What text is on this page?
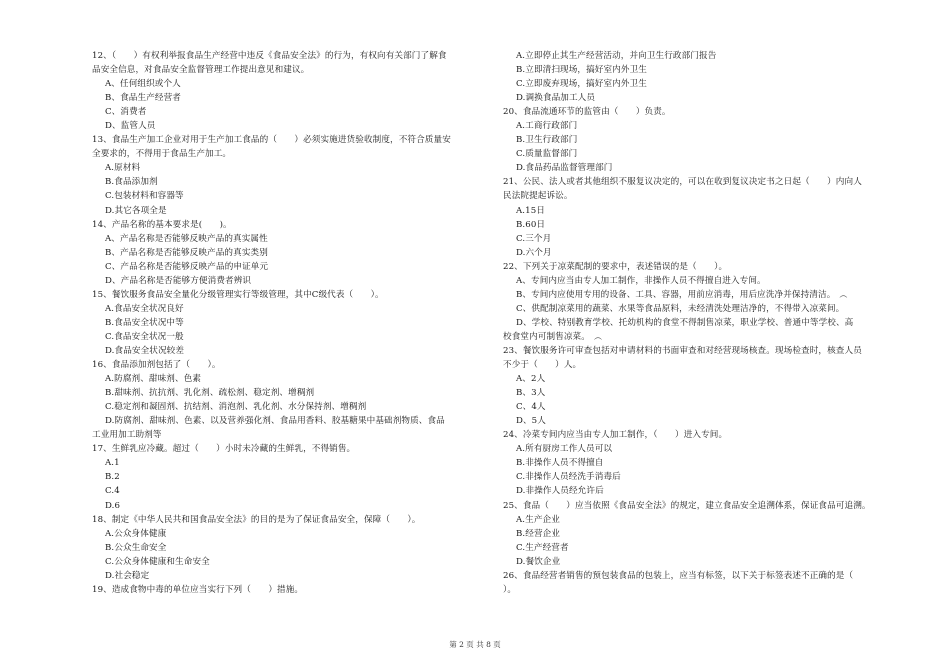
12、（　　）有权利举报食品生产经营中违反《食品安全法》的行为，有权向有关部门了解食
品安全信息，对食品安全监督管理工作提出意见和建议。
A、任何组织或个人
B、食品生产经营者
C、消费者
D、监管人员
13、食品生产加工企业对用于生产加工食品的（　　）必须实施进货验收制度，不符合质量安
全要求的，不得用于食品生产加工。
A.原材料
B.食品添加剂
C.包装材料和容器等
D.其它各项全是
14、产品名称的基本要求是(　　)。
A、产品名称是否能够反映产品的真实属性
B、产品名称是否能够反映产品的真实类别
C、产品名称是否能够反映产品的申证单元
D、产品名称是否能够方便消费者辨识
15、餐饮服务食品安全量化分级管理实行等级管理，其中C级代表（　　）。
A.食品安全状况良好
B.食品安全状况中等
C.食品安全状况一般
D.食品安全状况较差
16、食品添加剂包括了（　　）。
A.防腐剂、甜味剂、色素
B.甜味剂、抗抗剂、乳化剂、疏松剂、稳定剂、增稠剂
C.稳定剂和凝固剂、抗结剂、消泡剂、乳化剂、水分保持剂、增稠剂
D.防腐剂、甜味剂、色素、以及营养强化剂、食品用香料、胶基糖果中基础剂物质、食品
工业用加工助剂等
17、生鲜乳应冷藏。超过（　　）小时未冷藏的生鲜乳，不得销售。
A.1
B.2
C.4
D.6
18、制定《中华人民共和国食品安全法》的目的是为了保证食品安全，保障（　　）。
A.公众身体健康
B.公众生命安全
C.公众身体健康和生命安全
D.社会稳定
19、造成食物中毒的单位应当实行下列（　　）措施。
A.立即停止其生产经营活动，并向卫生行政部门报告
B.立即清扫现场，搞好室内外卫生
C.立即废弃现场，搞好室内外卫生
D.调换食品加工人员
20、食品流通环节的监管由（　　）负责。
A.工商行政部门
B.卫生行政部门
C.质量监督部门
D.食品药品监督管理部门
21、公民、法人或者其他组织不服复议决定的，可以在收到复议决定书之日起（　　）内向人
民法院提起诉讼。
A.15日
B.60日
C.三个月
D.六个月
22、下列关于凉菜配制的要求中，表述错误的是（　　）。
A、专间内应当由专人加工制作，非操作人员不得擅自进入专间。
B、专间内应使用专用的设备、工具、容器，用前应消毒，用后应洗净并保持清洁。 ︵
C、供配制凉菜用的蔬菜、水果等食品原料，未经清洗处理洁净的，不得带入凉菜间。
D、学校、特别教育学校、托幼机构的食堂不得制售凉菜，职业学校、普通中等学校、高
校食堂内可制售凉菜。 ︵
23、餐饮服务许可审查包括对申请材料的书面审查和对经营现场核查。现场检查时，核查人员
不少于（　　）人。
A、2人
B、3人
C、4人
D、5人
24、冷菜专间内应当由专人加工制作，（　　）进入专间。
A.所有厨房工作人员可以
B.非操作人员不得擅自
C.非操作人员经洗手消毒后
D.非操作人员经允许后
25、食品（　　）应当依照《食品安全法》的规定，建立食品安全追溯体系，保证食品可追溯。
A.生产企业
B.经营企业
C.生产经营者
D.餐饮企业
26、食品经营者销售的预包装食品的包装上，应当有标签，以下关于标签表述不正确的是（
）。
第 2 页 共 8 页
